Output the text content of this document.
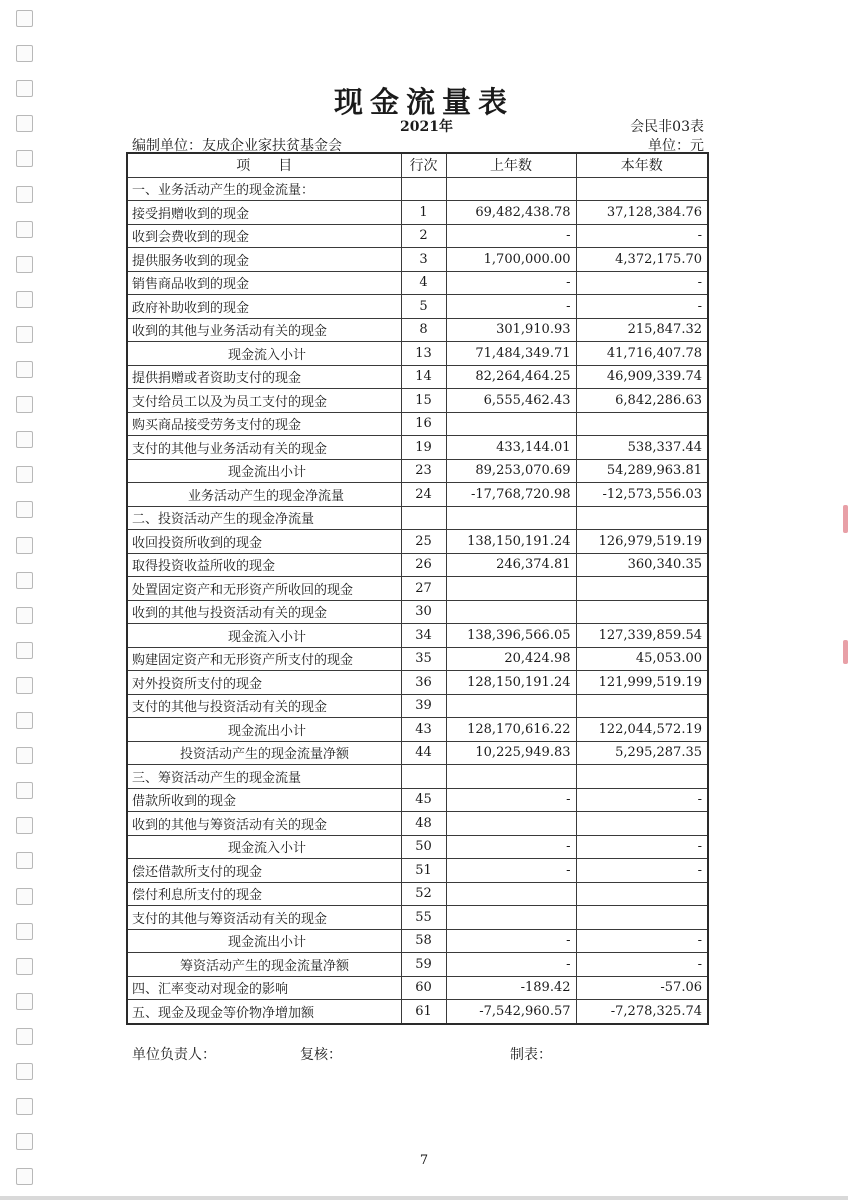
现金流量表
2021年	会民非03表
编制单位：友成企业家扶贫基金会	单位：元
项　　目	行次	上年数	本年数
一、业务活动产生的现金流量：			
接受捐赠收到的现金	1	69,482,438.78	37,128,384.76
收到会费收到的现金	2	-	-
提供服务收到的现金	3	1,700,000.00	4,372,175.70
销售商品收到的现金	4	-	-
政府补助收到的现金	5	-	-
收到的其他与业务活动有关的现金	8	301,910.93	215,847.32
现金流入小计	13	71,484,349.71	41,716,407.78
提供捐赠或者资助支付的现金	14	82,264,464.25	46,909,339.74
支付给员工以及为员工支付的现金	15	6,555,462.43	6,842,286.63
购买商品接受劳务支付的现金	16		
支付的其他与业务活动有关的现金	19	433,144.01	538,337.44
现金流出小计	23	89,253,070.69	54,289,963.81
业务活动产生的现金净流量	24	-17,768,720.98	-12,573,556.03
二、投资活动产生的现金净流量			
收回投资所收到的现金	25	138,150,191.24	126,979,519.19
取得投资收益所收的现金	26	246,374.81	360,340.35
处置固定资产和无形资产所收回的现金	27		
收到的其他与投资活动有关的现金	30		
现金流入小计	34	138,396,566.05	127,339,859.54
购建固定资产和无形资产所支付的现金	35	20,424.98	45,053.00
对外投资所支付的现金	36	128,150,191.24	121,999,519.19
支付的其他与投资活动有关的现金	39		
现金流出小计	43	128,170,616.22	122,044,572.19
投资活动产生的现金流量净额	44	10,225,949.83	5,295,287.35
三、筹资活动产生的现金流量			
借款所收到的现金	45	-	-
收到的其他与筹资活动有关的现金	48		
现金流入小计	50	-	-
偿还借款所支付的现金	51	-	-
偿付利息所支付的现金	52		
支付的其他与筹资活动有关的现金	55		
现金流出小计	58	-	-
筹资活动产生的现金流量净额	59	-	-
四、汇率变动对现金的影响	60	-189.42	-57.06
五、现金及现金等价物净增加额	61	-7,542,960.57	-7,278,325.74
单位负责人：	复核：	制表：
7
